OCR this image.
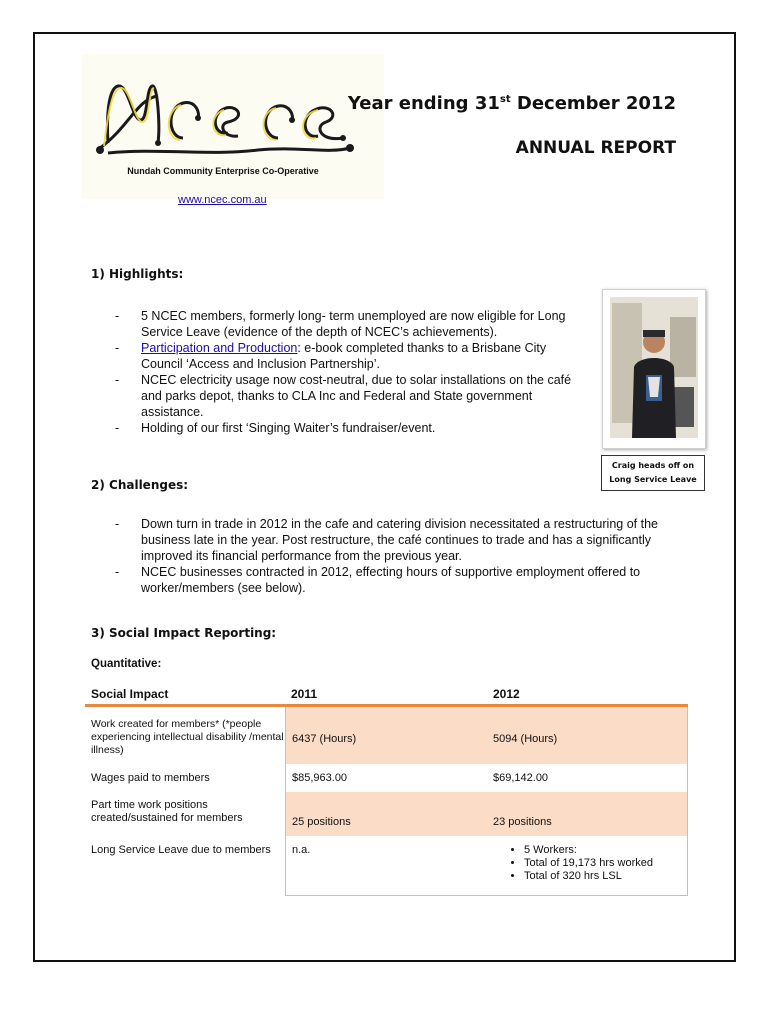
Nundah Community Enterprise Co-Operative
www.ncec.com.au
Year ending 31st December 2012
ANNUAL REPORT
1) Highlights:
- 5 NCEC members, formerly long- term unemployed are now eligible for Long Service Leave (evidence of the depth of NCEC’s achievements).
- Participation and Production: e-book completed thanks to a Brisbane City Council ‘Access and Inclusion Partnership’.
- NCEC electricity usage now cost-neutral, due to solar installations on the café and parks depot, thanks to CLA Inc and Federal and State government assistance.
- Holding of our first ‘Singing Waiter’s fundraiser/event.
Craig heads off on Long Service Leave
2) Challenges:
- Down turn in trade in 2012 in the cafe and catering division necessitated a restructuring of the business late in the year. Post restructure, the café continues to trade and has a significantly improved its financial performance from the previous year.
- NCEC businesses contracted in 2012, effecting hours of supportive employment offered to worker/members (see below).
3) Social Impact Reporting:
Quantitative:
Social Impact	2011	2012
Work created for members* (*people experiencing intellectual disability /mental illness)
6437 (Hours)	5094 (Hours)
Wages paid to members	$85,963.00	$69,142.00
Part time work positions created/sustained for members	25 positions	23 positions
Long Service Leave due to members	n.a.
•	5 Workers:
• Total of 19,173 hrs worked
• Total of 320 hrs LSL
